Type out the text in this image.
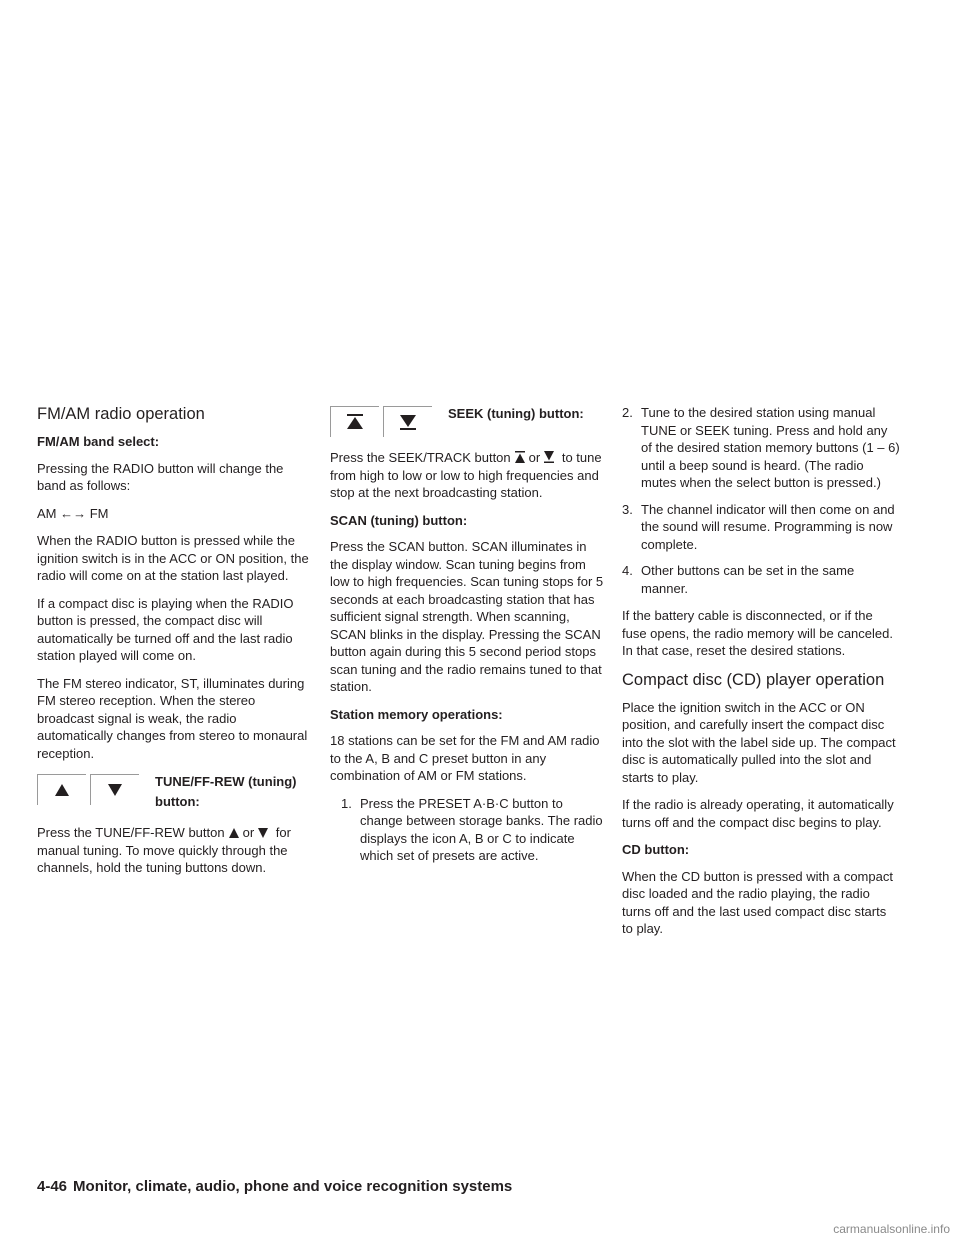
FM/AM radio operation

FM/AM band select:

Pressing the RADIO button will change the band as follows:

AM ←→ FM

When the RADIO button is pressed while the ignition switch is in the ACC or ON position, the radio will come on at the station last played.

If a compact disc is playing when the RADIO button is pressed, the compact disc will automatically be turned off and the last radio station played will come on.

The FM stereo indicator, ST, illuminates during FM stereo reception. When the stereo broadcast signal is weak, the radio automatically changes from stereo to monaural reception.

TUNE/FF-REW (tuning) button:

Press the TUNE/FF-REW button or for manual tuning. To move quickly through the channels, hold the tuning buttons down.

SEEK (tuning) button:

Press the SEEK/TRACK button or to tune from high to low or low to high frequencies and stop at the next broadcasting station.

SCAN (tuning) button:

Press the SCAN button. SCAN illuminates in the display window. Scan tuning begins from low to high frequencies. Scan tuning stops for 5 seconds at each broadcasting station that has sufficient signal strength. When scanning, SCAN blinks in the display. Pressing the SCAN button again during this 5 second period stops scan tuning and the radio remains tuned to that station.

Station memory operations:

18 stations can be set for the FM and AM radio to the A, B and C preset button in any combination of AM or FM stations.

1. Press the PRESET A·B·C button to change between storage banks. The radio displays the icon A, B or C to indicate which set of presets are active.
2. Tune to the desired station using manual TUNE or SEEK tuning. Press and hold any of the desired station memory buttons (1 – 6) until a beep sound is heard. (The radio mutes when the select button is pressed.)
3. The channel indicator will then come on and the sound will resume. Programming is now complete.
4. Other buttons can be set in the same manner.

If the battery cable is disconnected, or if the fuse opens, the radio memory will be canceled. In that case, reset the desired stations.

Compact disc (CD) player operation

Place the ignition switch in the ACC or ON position, and carefully insert the compact disc into the slot with the label side up. The compact disc is automatically pulled into the slot and starts to play.

If the radio is already operating, it automatically turns off and the compact disc begins to play.

CD button:

When the CD button is pressed with a compact disc loaded and the radio playing, the radio turns off and the last used compact disc starts to play.

4-46 Monitor, climate, audio, phone and voice recognition systems
carmanualsonline.info
